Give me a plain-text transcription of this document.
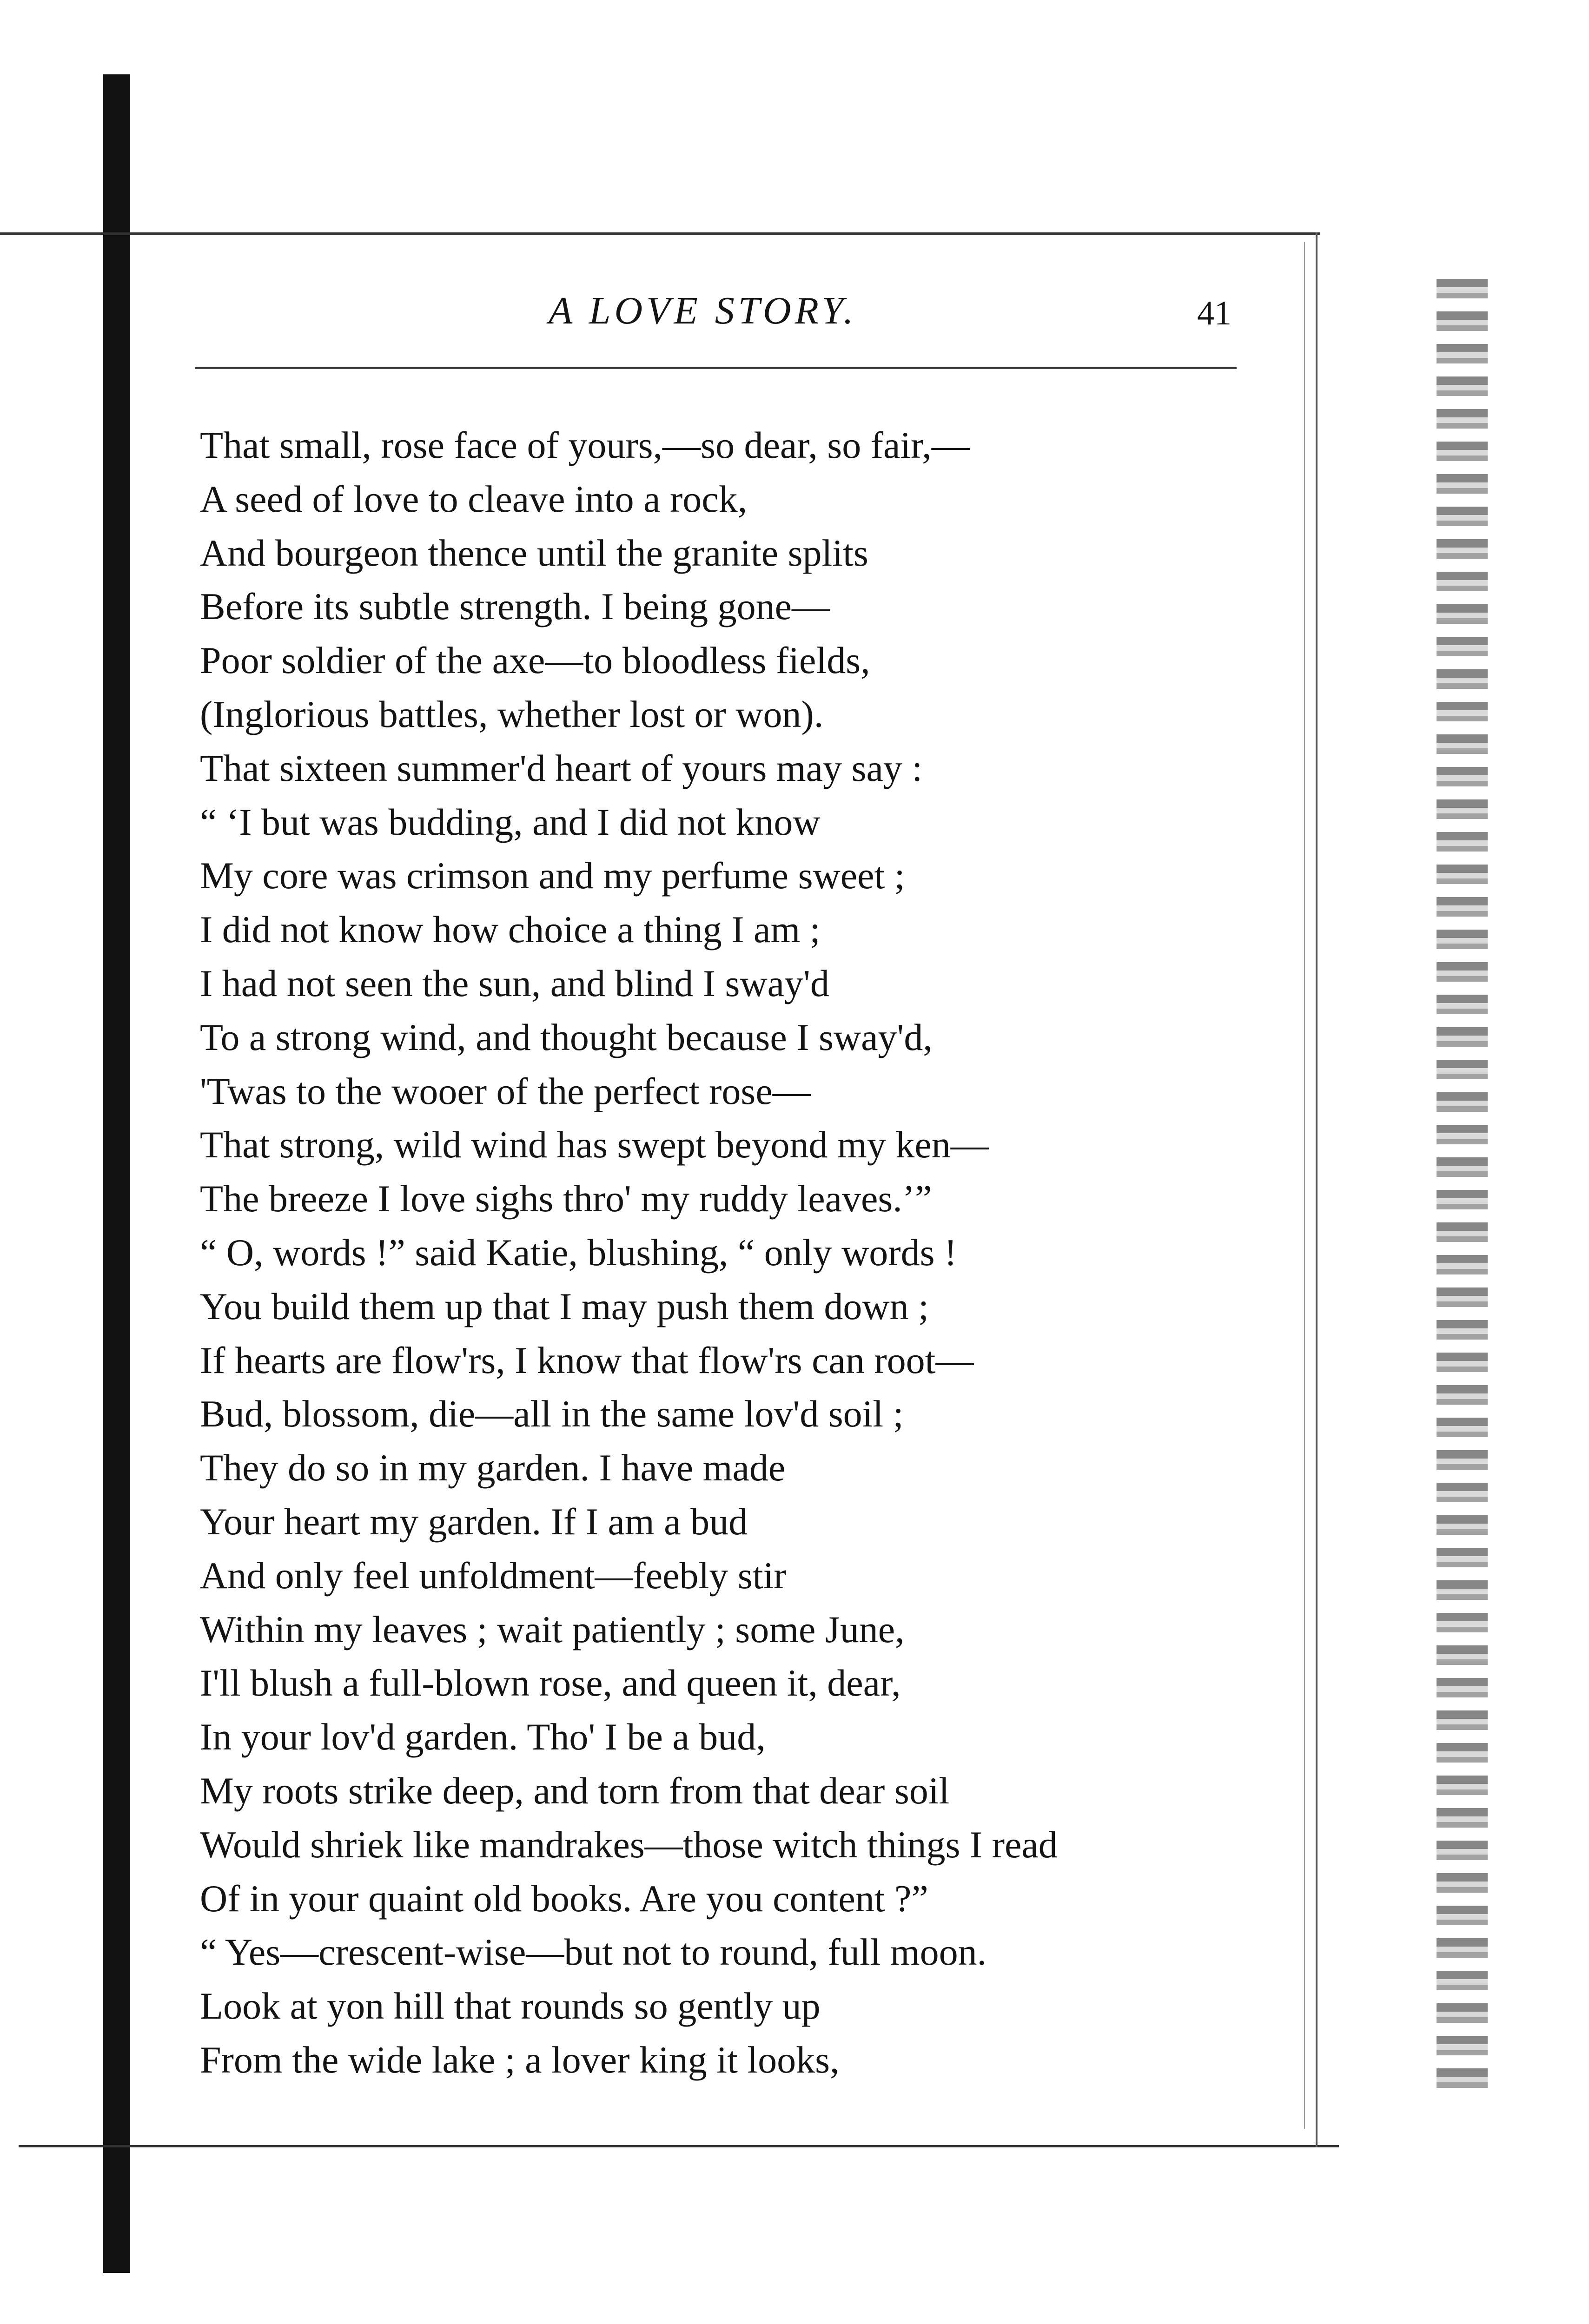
A LOVE STORY.	41
That small, rose face of yours,—so dear, so fair,—
A seed of love to cleave into a rock,
And bourgeon thence until the granite splits
Before its subtle strength. I being gone—
Poor soldier of the axe—to bloodless fields,
(Inglorious battles, whether lost or won).
That sixteen summer'd heart of yours may say :
“ ‘I but was budding, and I did not know
My core was crimson and my perfume sweet ;
I did not know how choice a thing I am ;
I had not seen the sun, and blind I sway'd
To a strong wind, and thought because I sway'd,
'Twas to the wooer of the perfect rose—
That strong, wild wind has swept beyond my ken—
The breeze I love sighs thro' my ruddy leaves.’”
“ O, words !” said Katie, blushing, “ only words !
You build them up that I may push them down ;
If hearts are flow'rs, I know that flow'rs can root—
Bud, blossom, die—all in the same lov'd soil ;
They do so in my garden. I have made
Your heart my garden. If I am a bud
And only feel unfoldment—feebly stir
Within my leaves ; wait patiently ; some June,
I'll blush a full-blown rose, and queen it, dear,
In your lov'd garden. Tho' I be a bud,
My roots strike deep, and torn from that dear soil
Would shriek like mandrakes—those witch things I read
Of in your quaint old books. Are you content ?”
“ Yes—crescent-wise—but not to round, full moon.
Look at yon hill that rounds so gently up
From the wide lake ; a lover king it looks,
